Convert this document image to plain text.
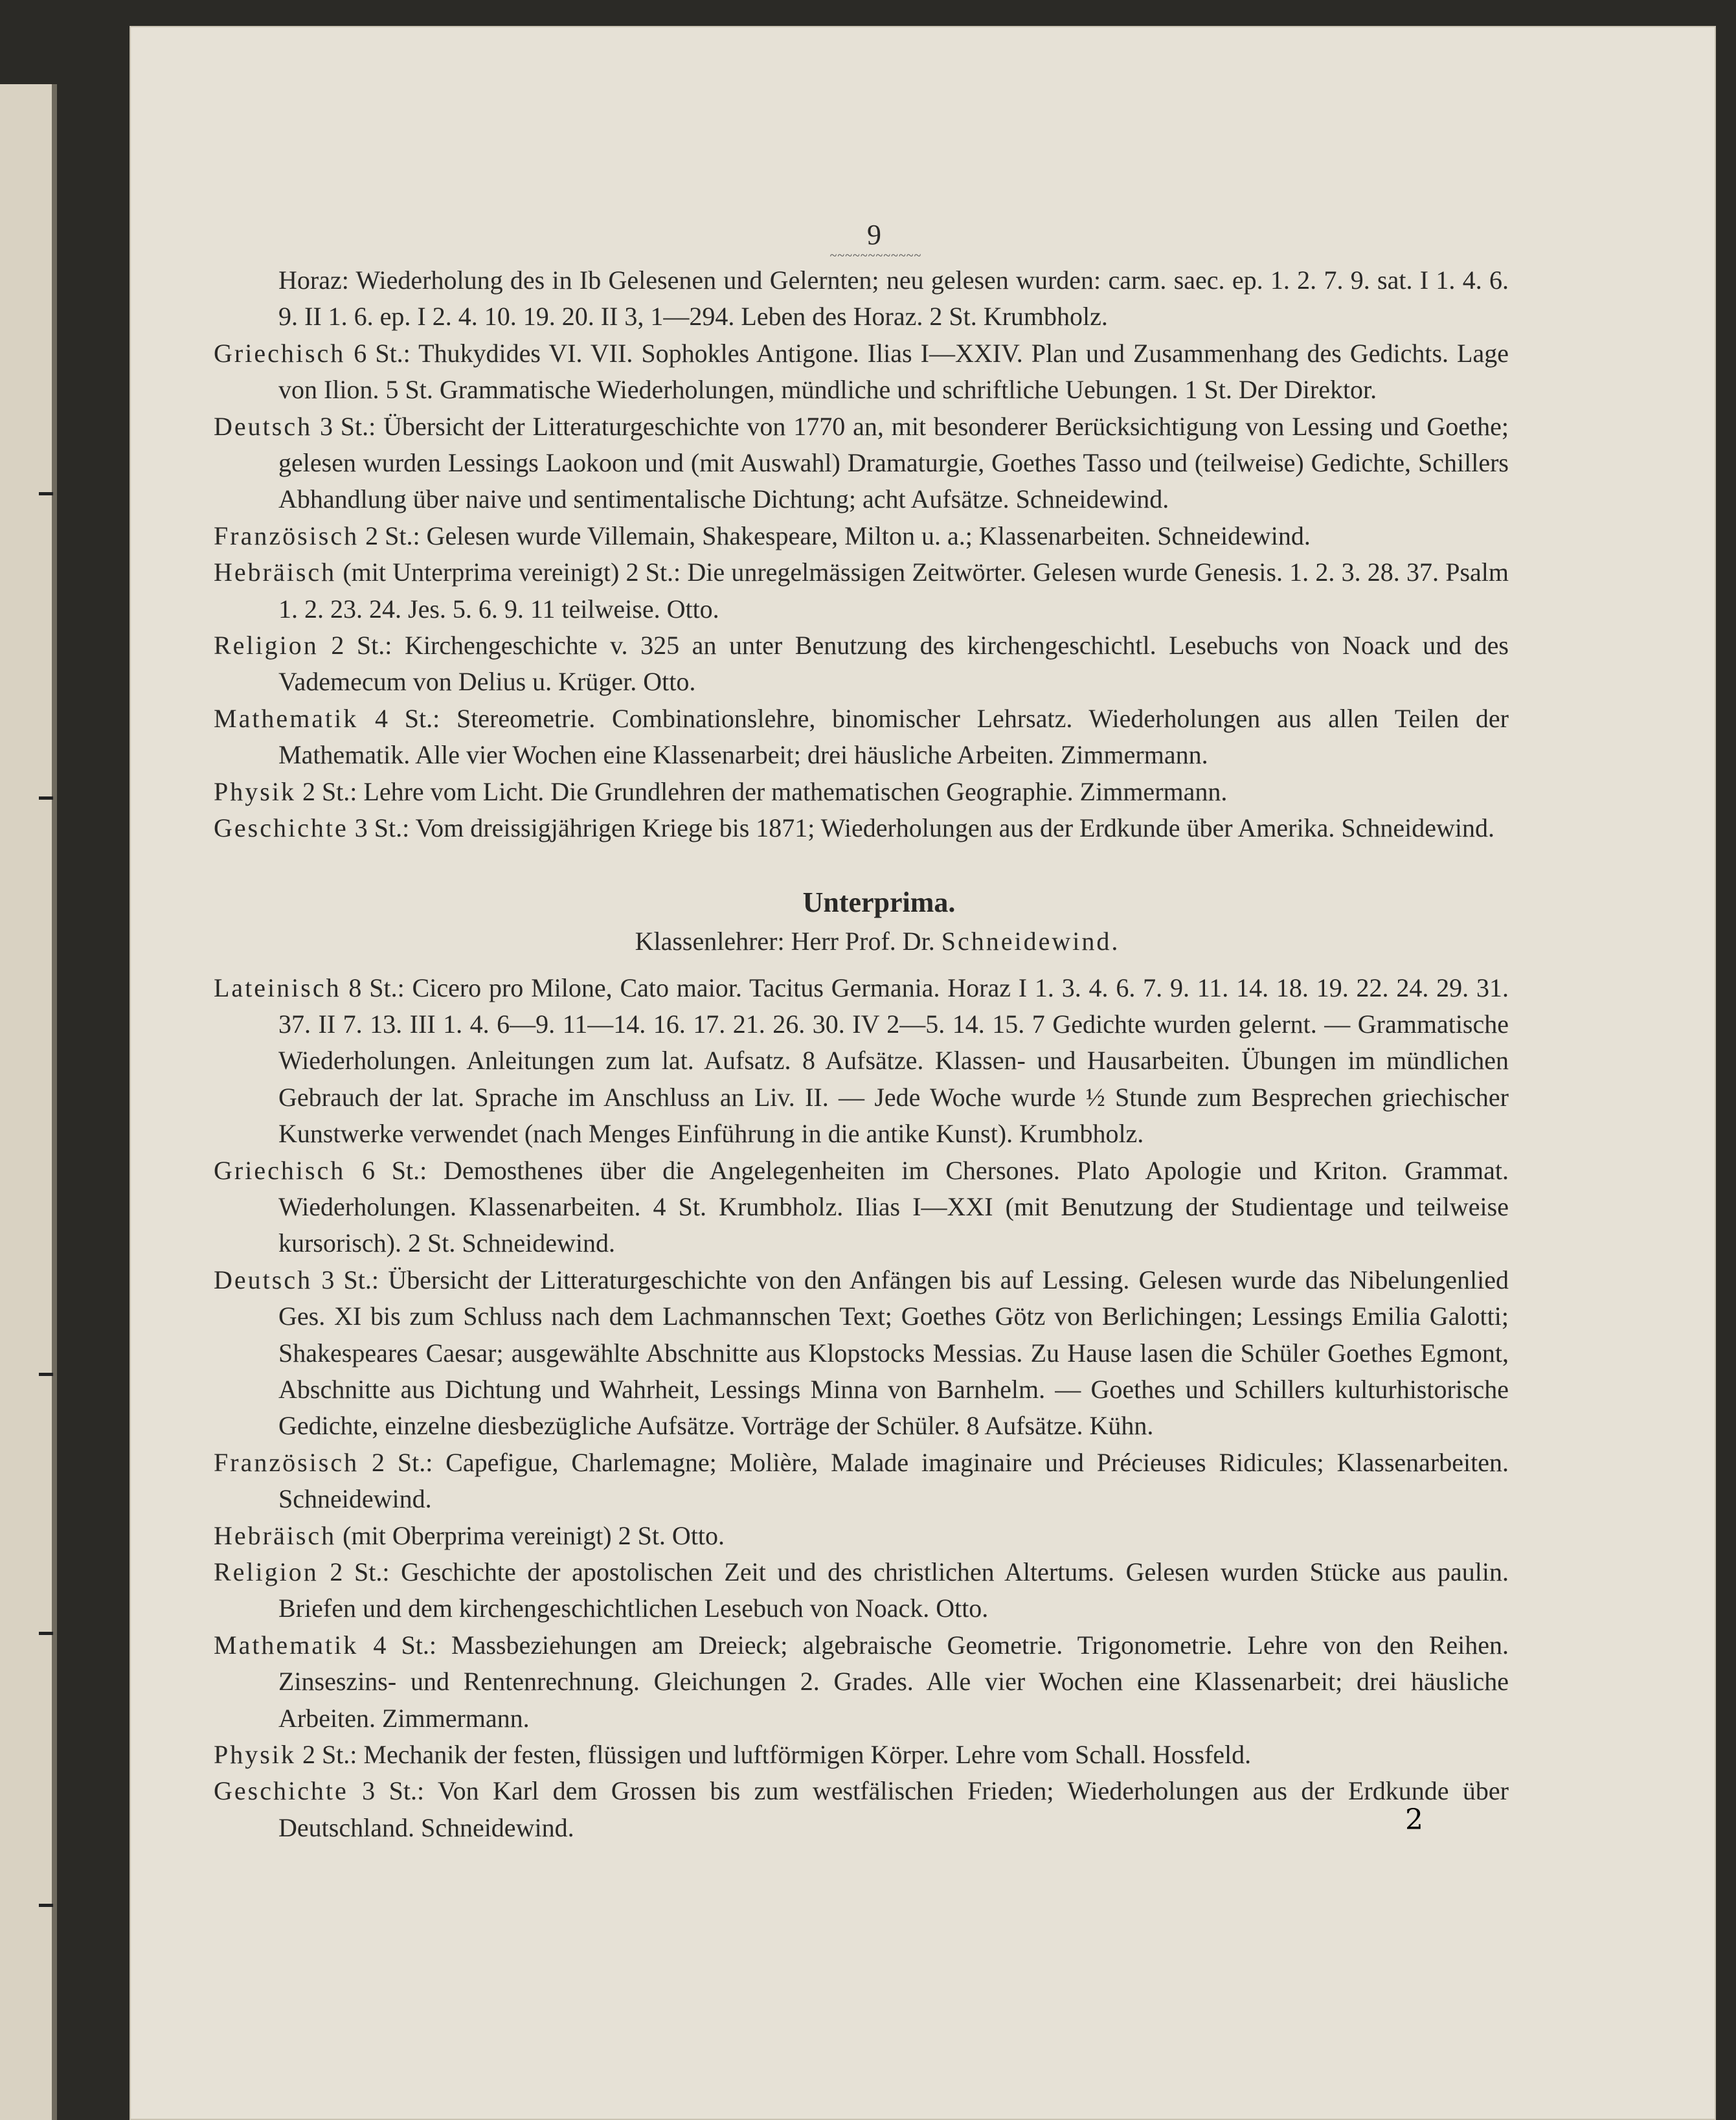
9
~~~~~~~~~~~~

Horaz: Wiederholung des in Ib Gelesenen und Gelernten; neu gelesen wurden: carm. saec. ep. 1. 2. 7. 9. sat. I 1. 4. 6. 9. II 1. 6. ep. I 2. 4. 10. 19. 20. II 3, 1—294. Leben des Horaz. 2 St. Krumbholz.

Griechisch 6 St.: Thukydides VI. VII. Sophokles Antigone. Ilias I—XXIV. Plan und Zusammenhang des Gedichts. Lage von Ilion. 5 St. Grammatische Wiederholungen, mündliche und schriftliche Uebungen. 1 St. Der Direktor.

Deutsch 3 St.: Übersicht der Litteraturgeschichte von 1770 an, mit besonderer Berücksichtigung von Lessing und Goethe; gelesen wurden Lessings Laokoon und (mit Auswahl) Dramaturgie, Goethes Tasso und (teilweise) Gedichte, Schillers Abhandlung über naive und sentimentalische Dichtung; acht Aufsätze. Schneidewind.

Französisch 2 St.: Gelesen wurde Villemain, Shakespeare, Milton u. a.; Klassenarbeiten. Schneidewind.

Hebräisch (mit Unterprima vereinigt) 2 St.: Die unregelmässigen Zeitwörter. Gelesen wurde Genesis. 1. 2. 3. 28. 37. Psalm 1. 2. 23. 24. Jes. 5. 6. 9. 11 teilweise. Otto.

Religion 2 St.: Kirchengeschichte v. 325 an unter Benutzung des kirchengeschichtl. Lesebuchs von Noack und des Vademecum von Delius u. Krüger. Otto.

Mathematik 4 St.: Stereometrie. Combinationslehre, binomischer Lehrsatz. Wiederholungen aus allen Teilen der Mathematik. Alle vier Wochen eine Klassenarbeit; drei häusliche Arbeiten. Zimmermann.

Physik 2 St.: Lehre vom Licht. Die Grundlehren der mathematischen Geographie. Zimmermann.

Geschichte 3 St.: Vom dreissigjährigen Kriege bis 1871; Wiederholungen aus der Erdkunde über Amerika. Schneidewind.

Unterprima.
Klassenlehrer: Herr Prof. Dr. Schneidewind.

Lateinisch 8 St.: Cicero pro Milone, Cato maior. Tacitus Germania. Horaz I 1. 3. 4. 6. 7. 9. 11. 14. 18. 19. 22. 24. 29. 31. 37. II 7. 13. III 1. 4. 6—9. 11—14. 16. 17. 21. 26. 30. IV 2—5. 14. 15. 7 Gedichte wurden gelernt. — Grammatische Wiederholungen. Anleitungen zum lat. Aufsatz. 8 Aufsätze. Klassen- und Hausarbeiten. Übungen im mündlichen Gebrauch der lat. Sprache im Anschluss an Liv. II. — Jede Woche wurde ½ Stunde zum Besprechen griechischer Kunstwerke verwendet (nach Menges Einführung in die antike Kunst). Krumbholz.

Griechisch 6 St.: Demosthenes über die Angelegenheiten im Chersones. Plato Apologie und Kriton. Grammat. Wiederholungen. Klassenarbeiten. 4 St. Krumbholz. Ilias I—XXI (mit Benutzung der Studientage und teilweise kursorisch). 2 St. Schneidewind.

Deutsch 3 St.: Übersicht der Litteraturgeschichte von den Anfängen bis auf Lessing. Gelesen wurde das Nibelungenlied Ges. XI bis zum Schluss nach dem Lachmannschen Text; Goethes Götz von Berlichingen; Lessings Emilia Galotti; Shakespeares Caesar; ausgewählte Abschnitte aus Klopstocks Messias. Zu Hause lasen die Schüler Goethes Egmont, Abschnitte aus Dichtung und Wahrheit, Lessings Minna von Barnhelm. — Goethes und Schillers kulturhistorische Gedichte, einzelne diesbezügliche Aufsätze. Vorträge der Schüler. 8 Aufsätze. Kühn.

Französisch 2 St.: Capefigue, Charlemagne; Molière, Malade imaginaire und Précieuses Ridicules; Klassenarbeiten. Schneidewind.

Hebräisch (mit Oberprima vereinigt) 2 St. Otto.

Religion 2 St.: Geschichte der apostolischen Zeit und des christlichen Altertums. Gelesen wurden Stücke aus paulin. Briefen und dem kirchengeschichtlichen Lesebuch von Noack. Otto.

Mathematik 4 St.: Massbeziehungen am Dreieck; algebraische Geometrie. Trigonometrie. Lehre von den Reihen. Zinseszins- und Rentenrechnung. Gleichungen 2. Grades. Alle vier Wochen eine Klassenarbeit; drei häusliche Arbeiten. Zimmermann.

Physik 2 St.: Mechanik der festen, flüssigen und luftförmigen Körper. Lehre vom Schall. Hossfeld.

Geschichte 3 St.: Von Karl dem Grossen bis zum westfälischen Frieden; Wiederholungen aus der Erdkunde über Deutschland. Schneidewind.	2
